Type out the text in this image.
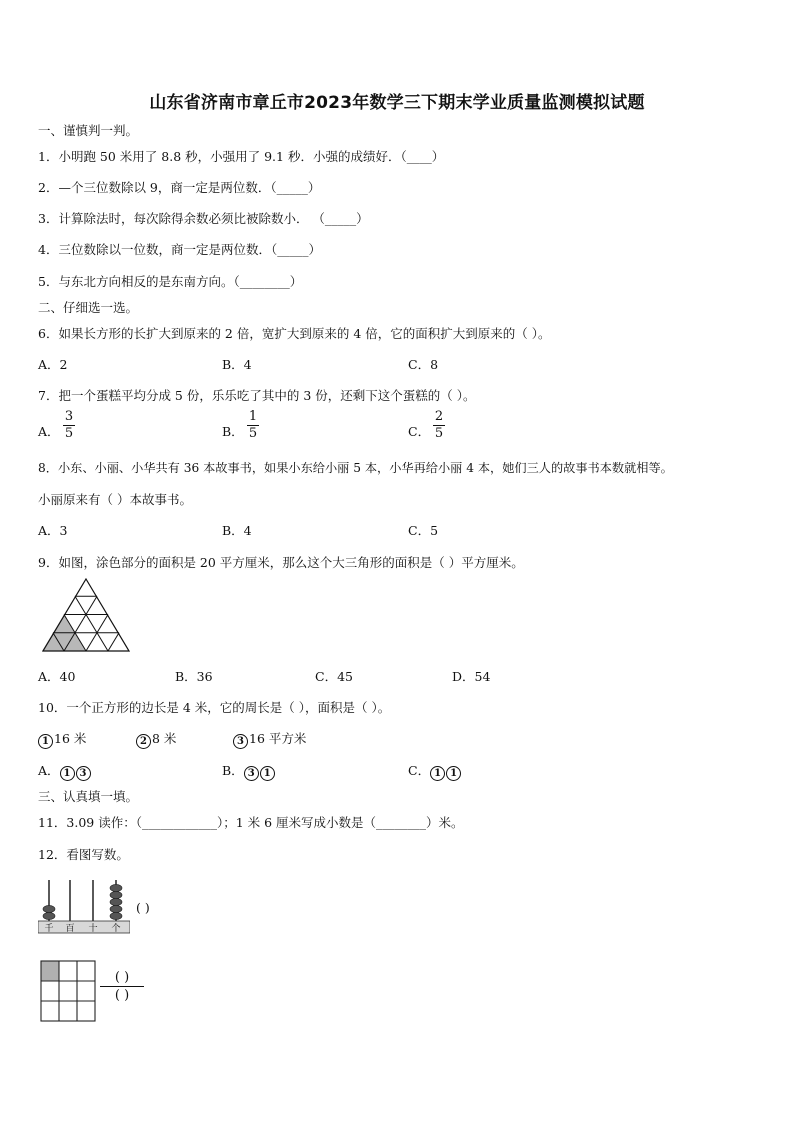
山东省济南市章丘市2023年数学三下期末学业质量监测模拟试题
一、谨慎判一判。
1．小明跑 50 米用了 8.8 秒，小强用了 9.1 秒．小强的成绩好．（____）
2．—个三位数除以 9，商一定是两位数．（_____）
3．计算除法时，每次除得余数必须比被除数小． （_____）
4．三位数除以一位数，商一定是两位数．（_____）
5．与东北方向相反的是东南方向。（________）
二、仔细选一选。
6．如果长方形的长扩大到原来的 2 倍，宽扩大到原来的 4 倍，它的面积扩大到原来的（ ）。
A．2	B．4	C．8
7．把一个蛋糕平均分成 5 份，乐乐吃了其中的 3 份，还剩下这个蛋糕的（ ）。
A．
3
5	B．
1
5	C．
2
5
8．小东、小丽、小华共有 36 本故事书，如果小东给小丽 5 本，小华再给小丽 4 本，她们三人的故事书本数就相等。
小丽原来有（ ）本故事书。
A．3	B．4	C．5
9．如图，涂色部分的面积是 20 平方厘米，那么这个大三角形的面积是（ ）平方厘米。
A．40	B．36	C．45	D．54
10．一个正方形的边长是 4 米，它的周长是（ ），面积是（ ）。
1 16 米	2 8 米	3 16 平方米
A． 1 3	B． 3 1	C． 1 1
三、认真填一填。
11．3.09 读作：（____________）；1 米 6 厘米写成小数是（________）米。
12．看图写数。
千 百 十 个
( )
( )
( )
